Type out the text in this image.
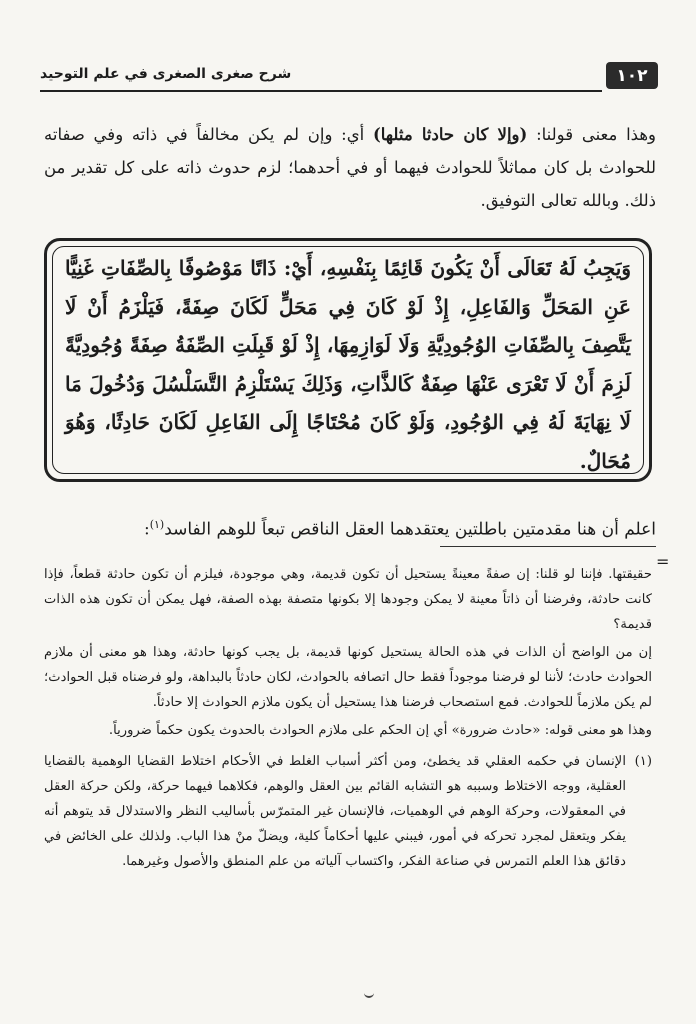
١٠٢
شرح صغرى الصغرى في علم التوحيد
وهذا معنى قولنا: (وإلا كان حادثا مثلها) أي: وإن لم يكن مخالفاً في ذاته وفي صفاته للحوادث بل كان مماثلاً للحوادث فيهما أو في أحدهما؛ لزم حدوث ذاته على كل تقدير من ذلك. وبالله تعالى التوفيق.
وَيَجِبُ لَهُ تَعَالَى أَنْ يَكُونَ قَائِمًا بِنَفْسِهِ، أَيْ: ذَاتًا مَوْصُوفًا بِالصِّفَاتِ غَنِيًّا عَنِ المَحَلِّ وَالفَاعِلِ، إِذْ لَوْ كَانَ فِي مَحَلٍّ لَكَانَ صِفَةً، فَيَلْزَمُ أَنْ لَا يَتَّصِفَ بِالصِّفَاتِ الوُجُودِيَّةِ وَلَا لَوَازِمِهَا، إِذْ لَوْ قَبِلَتِ الصِّفَةُ صِفَةً وُجُودِيَّةً لَزِمَ أَنْ لَا تَعْرَى عَنْهَا صِفَةٌ كَالذَّاتِ، وَذَلِكَ يَسْتَلْزِمُ التَّسَلْسُلَ وَدُخُولَ مَا لَا نِهَايَةَ لَهُ فِي الوُجُودِ، وَلَوْ كَانَ مُحْتَاجًا إِلَى الفَاعِلِ لَكَانَ حَادِثًا، وَهُوَ مُحَالٌ.
اعلم أن هنا مقدمتين باطلتين يعتقدهما العقل الناقص تبعاً للوهم الفاسد$^{(١)}$:
=

حقيقتها. فإننا لو قلنا: إن صفةً معينةً يستحيل أن تكون قديمة، وهي موجودة، فيلزم أن تكون حادثة قطعاً، فإذا كانت حادثة، وفرضنا أن ذاتاً معينة لا يمكن وجودها إلا بكونها متصفة بهذه الصفة، فهل يمكن أن تكون هذه الذات قديمة؟

إن من الواضح أن الذات في هذه الحالة يستحيل كونها قديمة، بل يجب كونها حادثة، وهذا هو معنى أن ملازم الحوادث حادث؛ لأننا لو فرضنا موجوداً فقط حال اتصافه بالحوادث، لكان حادثاً بالبداهة، ولو فرضناه قبل الحوادث؛ لم يكن ملازماً للحوادث. فمع استصحاب فرضنا هذا يستحيل أن يكون ملازم الحوادث إلا حادثاً.

وهذا هو معنى قوله: «حادث ضرورة» أي إن الحكم على ملازم الحوادث بالحدوث يكون حكماً ضرورياً.

(١)
الإنسان في حكمه العقلي قد يخطئ، ومن أكثر أسباب الغلط في الأحكام اختلاط القضايا الوهمية بالقضايا العقلية، ووجه الاختلاط وسببه هو التشابه القائم بين العقل والوهم، فكلاهما فيهما حركة، ولكن حركة العقل في المعقولات، وحركة الوهم في الوهميات، فالإنسان غير المتمرّس بأساليب النظر والاستدلال قد يتوهم أنه يفكر ويتعقل لمجرد تحركه في أمور، فيبني عليها أحكاماً كلية، ويضلّ منْ هذا الباب. ولذلك على الخائض في دقائق هذا العلم التمرس في صناعة الفكر، واكتساب آلياته من علم المنطق والأصول وغيرهما.
